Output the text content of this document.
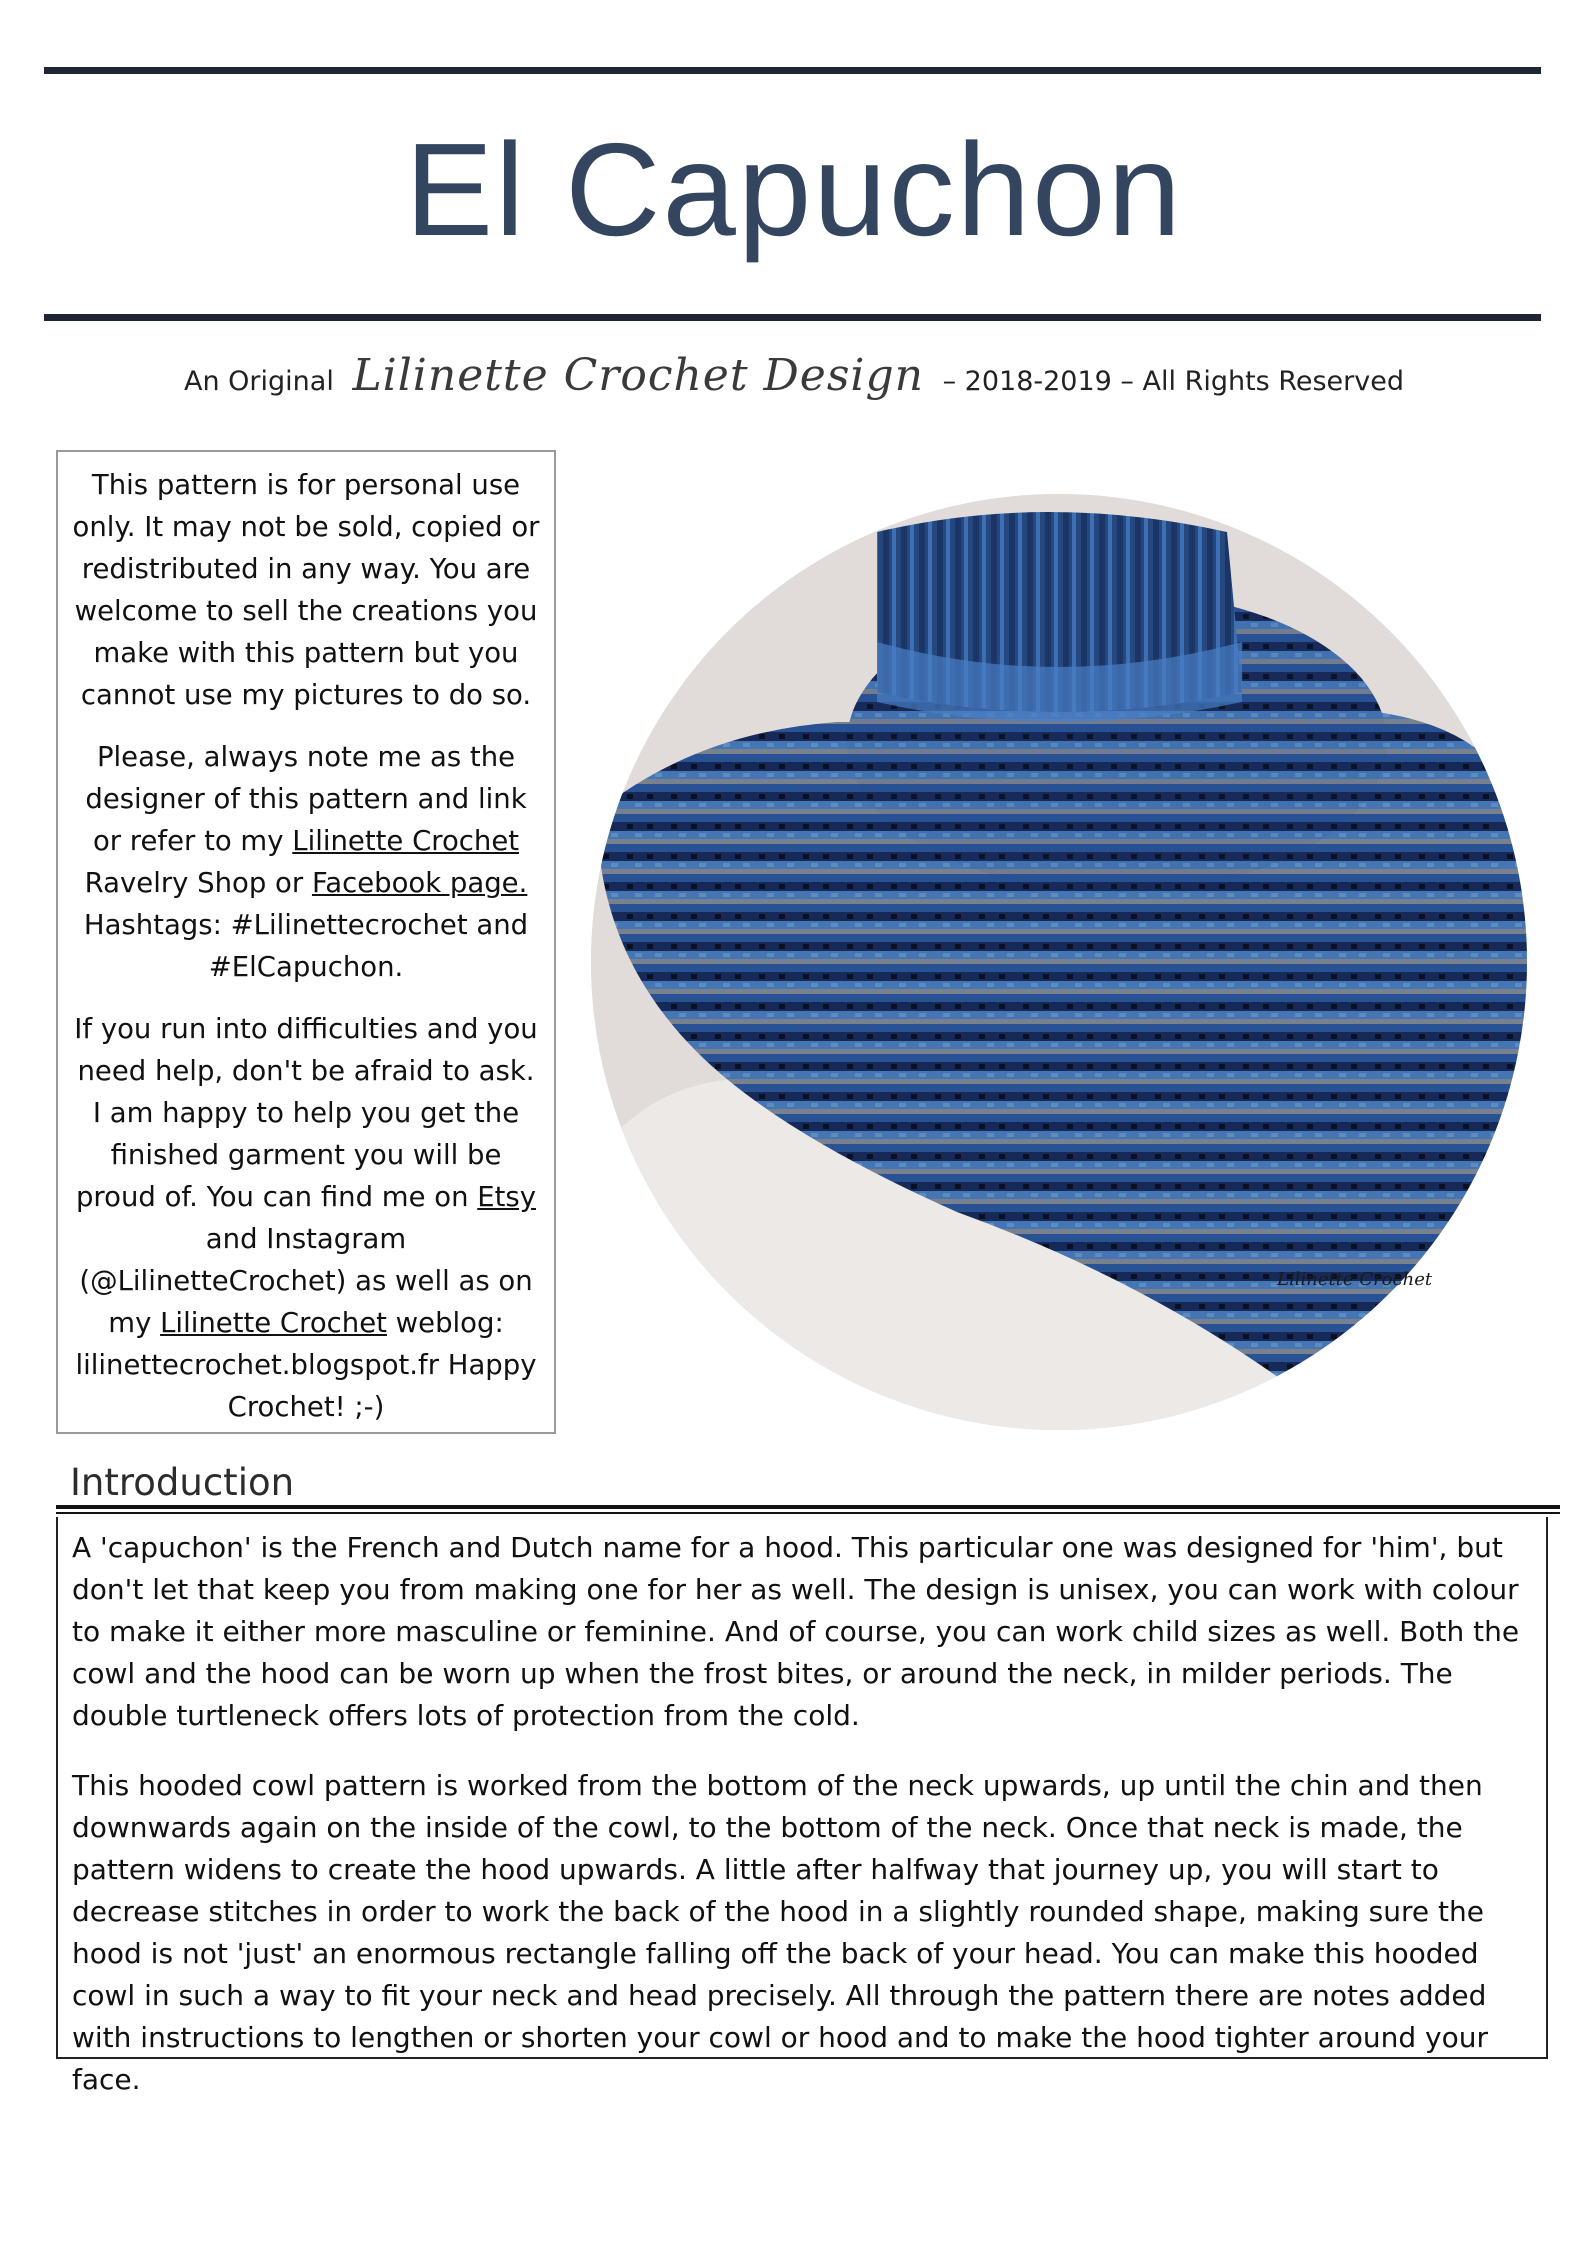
El Capuchon
An Original Lilinette Crochet Design – 2018-2019 – All Rights Reserved

This pattern is for personal use only. It may not be sold, copied or redistributed in any way. You are welcome to sell the creations you make with this pattern but you cannot use my pictures to do so.

Please, always note me as the designer of this pattern and link or refer to my Lilinette Crochet Ravelry Shop or Facebook page. Hashtags: #Lilinettecrochet and #ElCapuchon.

If you run into difficulties and you need help, don't be afraid to ask. I am happy to help you get the finished garment you will be proud of. You can find me on Etsy and Instagram (@LilinetteCrochet) as well as on my Lilinette Crochet weblog: lilinettecrochet.blogspot.fr Happy Crochet! ;-)

Lilinette Crochet
Introduction

A 'capuchon' is the French and Dutch name for a hood. This particular one was designed for 'him', but don't let that keep you from making one for her as well. The design is unisex, you can work with colour to make it either more masculine or feminine. And of course, you can work child sizes as well. Both the cowl and the hood can be worn up when the frost bites, or around the neck, in milder periods. The double turtleneck offers lots of protection from the cold.

This hooded cowl pattern is worked from the bottom of the neck upwards, up until the chin and then downwards again on the inside of the cowl, to the bottom of the neck. Once that neck is made, the pattern widens to create the hood upwards. A little after halfway that journey up, you will start to decrease stitches in order to work the back of the hood in a slightly rounded shape, making sure the hood is not 'just' an enormous rectangle falling off the back of your head. You can make this hooded cowl in such a way to fit your neck and head precisely. All through the pattern there are notes added with instructions to lengthen or shorten your cowl or hood and to make the hood tighter around your face.
